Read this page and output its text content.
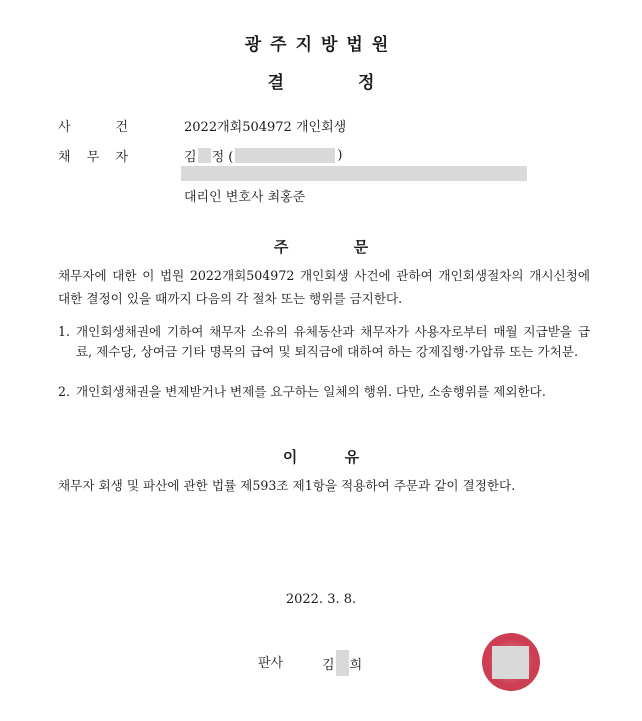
광주지방법원
결 정
사	건	2022개회504972 개인회생
채 무 자	김 정 (	)
대리인 변호사 최홍준
주 문
채무자에 대한 이 법원 2022개회504972 개인회생 사건에 관하여 개인회생절차의 개시신청에 대한 결정이 있을 때까지 다음의 각 절차 또는 행위를 금지한다.
1. 개인회생채권에 기하여 채무자 소유의 유체동산과 채무자가 사용자로부터 매월 지급받을 급료, 제수당, 상여금 기타 명목의 급여 및 퇴직금에 대하여 하는 강제집행·가압류 또는 가처분.
2. 개인회생채권을 변제받거나 변제를 요구하는 일체의 행위. 다만, 소송행위를 제외한다.
이 유
채무자 회생 및 파산에 관한 법률 제593조 제1항을 적용하여 주문과 같이 결정한다.
2022. 3. 8.
판사	김 희
